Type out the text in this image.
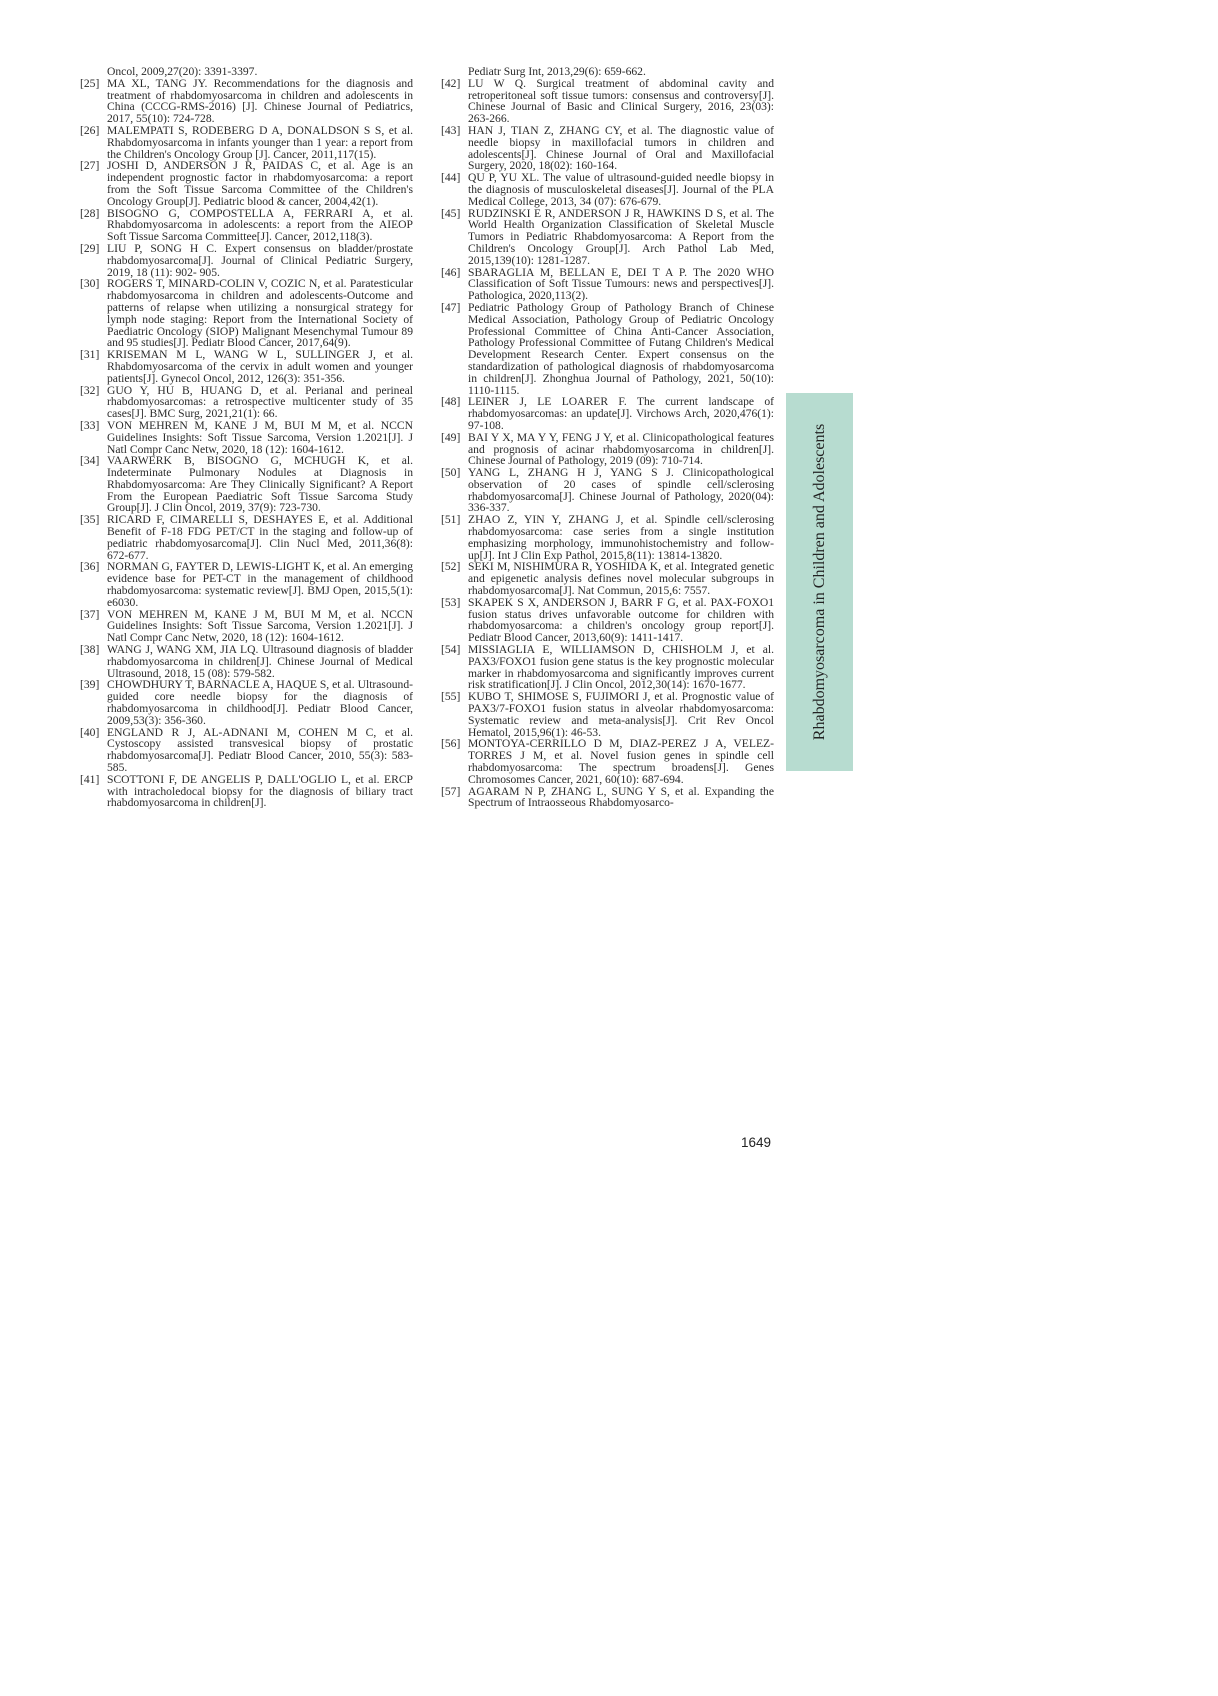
Oncol, 2009,27(20): 3391-3397.

[25] MA XL, TANG JY. Recommendations for the diagnosis and treatment of rhabdomyosarcoma in children and adolescents in China (CCCG-RMS-2016) [J]. Chinese Journal of Pediatrics, 2017, 55(10): 724-728.

[26] MALEMPATI S, RODEBERG D A, DONALDSON S S, et al. Rhabdomyosarcoma in infants younger than 1 year: a report from the Children's Oncology Group [J]. Cancer, 2011,117(15).

[27] JOSHI D, ANDERSON J R, PAIDAS C, et al. Age is an independent prognostic factor in rhabdomyosarcoma: a report from the Soft Tissue Sarcoma Committee of the Children's Oncology Group[J]. Pediatric blood & cancer, 2004,42(1).

[28] BISOGNO G, COMPOSTELLA A, FERRARI A, et al. Rhabdomyosarcoma in adolescents: a report from the AIEOP Soft Tissue Sarcoma Committee[J]. Cancer, 2012,118(3).

[29] LIU P, SONG H C. Expert consensus on bladder/prostate rhabdomyosarcoma[J]. Journal of Clinical Pediatric Surgery, 2019, 18 (11): 902- 905.

[30] ROGERS T, MINARD-COLIN V, COZIC N, et al. Paratesticular rhabdomyosarcoma in children and adolescents-Outcome and patterns of relapse when utilizing a nonsurgical strategy for lymph node staging: Report from the International Society of Paediatric Oncology (SIOP) Malignant Mesenchymal Tumour 89 and 95 studies[J]. Pediatr Blood Cancer, 2017,64(9).

[31] KRISEMAN M L, WANG W L, SULLINGER J, et al. Rhabdomyosarcoma of the cervix in adult women and younger patients[J]. Gynecol Oncol, 2012, 126(3): 351-356.

[32] GUO Y, HU B, HUANG D, et al. Perianal and perineal rhabdomyosarcomas: a retrospective multicenter study of 35 cases[J]. BMC Surg, 2021,21(1): 66.

[33] VON MEHREN M, KANE J M, BUI M M, et al. NCCN Guidelines Insights: Soft Tissue Sarcoma, Version 1.2021[J]. J Natl Compr Canc Netw, 2020, 18 (12): 1604-1612.

[34] VAARWERK B, BISOGNO G, MCHUGH K, et al. Indeterminate Pulmonary Nodules at Diagnosis in Rhabdomyosarcoma: Are They Clinically Significant? A Report From the European Paediatric Soft Tissue Sarcoma Study Group[J]. J Clin Oncol, 2019, 37(9): 723-730.

[35] RICARD F, CIMARELLI S, DESHAYES E, et al. Additional Benefit of F-18 FDG PET/CT in the staging and follow-up of pediatric rhabdomyosarcoma[J]. Clin Nucl Med, 2011,36(8): 672-677.

[36] NORMAN G, FAYTER D, LEWIS-LIGHT K, et al. An emerging evidence base for PET-CT in the management of childhood rhabdomyosarcoma: systematic review[J]. BMJ Open, 2015,5(1): e6030.

[37] VON MEHREN M, KANE J M, BUI M M, et al. NCCN Guidelines Insights: Soft Tissue Sarcoma, Version 1.2021[J]. J Natl Compr Canc Netw, 2020, 18 (12): 1604-1612.

[38] WANG J, WANG XM, JIA LQ. Ultrasound diagnosis of bladder rhabdomyosarcoma in children[J]. Chinese Journal of Medical Ultrasound, 2018, 15 (08): 579-582.

[39] CHOWDHURY T, BARNACLE A, HAQUE S, et al. Ultrasound-guided core needle biopsy for the diagnosis of rhabdomyosarcoma in childhood[J]. Pediatr Blood Cancer, 2009,53(3): 356-360.

[40] ENGLAND R J, AL-ADNANI M, COHEN M C, et al. Cystoscopy assisted transvesical biopsy of prostatic rhabdomyosarcoma[J]. Pediatr Blood Cancer, 2010, 55(3): 583-585.

[41] SCOTTONI F, DE ANGELIS P, DALL'OGLIO L, et al. ERCP with intracholedocal biopsy for the diagnosis of biliary tract rhabdomyosarcoma in children[J].

Pediatr Surg Int, 2013,29(6): 659-662.

[42] LU W Q. Surgical treatment of abdominal cavity and retroperitoneal soft tissue tumors: consensus and controversy[J]. Chinese Journal of Basic and Clinical Surgery, 2016, 23(03): 263-266.

[43] HAN J, TIAN Z, ZHANG CY, et al. The diagnostic value of needle biopsy in maxillofacial tumors in children and adolescents[J]. Chinese Journal of Oral and Maxillofacial Surgery, 2020, 18(02): 160-164.

[44] QU P, YU XL. The value of ultrasound-guided needle biopsy in the diagnosis of musculoskeletal diseases[J]. Journal of the PLA Medical College, 2013, 34 (07): 676-679.

[45] RUDZINSKI E R, ANDERSON J R, HAWKINS D S, et al. The World Health Organization Classification of Skeletal Muscle Tumors in Pediatric Rhabdomyosarcoma: A Report from the Children's Oncology Group[J]. Arch Pathol Lab Med, 2015,139(10): 1281-1287.

[46] SBARAGLIA M, BELLAN E, DEI T A P. The 2020 WHO Classification of Soft Tissue Tumours: news and perspectives[J]. Pathologica, 2020,113(2).

[47] Pediatric Pathology Group of Pathology Branch of Chinese Medical Association, Pathology Group of Pediatric Oncology Professional Committee of China Anti-Cancer Association, Pathology Professional Committee of Futang Children's Medical Development Research Center. Expert consensus on the standardization of pathological diagnosis of rhabdomyosarcoma in children[J]. Zhonghua Journal of Pathology, 2021, 50(10): 1110-1115.

[48] LEINER J, LE LOARER F. The current landscape of rhabdomyosarcomas: an update[J]. Virchows Arch, 2020,476(1): 97-108.

[49] BAI Y X, MA Y Y, FENG J Y, et al. Clinicopathological features and prognosis of acinar rhabdomyosarcoma in children[J]. Chinese Journal of Pathology, 2019 (09): 710-714.

[50] YANG L, ZHANG H J, YANG S J. Clinicopathological observation of 20 cases of spindle cell/sclerosing rhabdomyosarcoma[J]. Chinese Journal of Pathology, 2020(04): 336-337.

[51] ZHAO Z, YIN Y, ZHANG J, et al. Spindle cell/sclerosing rhabdomyosarcoma: case series from a single institution emphasizing morphology, immunohistochemistry and follow-up[J]. Int J Clin Exp Pathol, 2015,8(11): 13814-13820.

[52] SEKI M, NISHIMURA R, YOSHIDA K, et al. Integrated genetic and epigenetic analysis defines novel molecular subgroups in rhabdomyosarcoma[J]. Nat Commun, 2015,6: 7557.

[53] SKAPEK S X, ANDERSON J, BARR F G, et al. PAX-FOXO1 fusion status drives unfavorable outcome for children with rhabdomyosarcoma: a children's oncology group report[J]. Pediatr Blood Cancer, 2013,60(9): 1411-1417.

[54] MISSIAGLIA E, WILLIAMSON D, CHISHOLM J, et al. PAX3/FOXO1 fusion gene status is the key prognostic molecular marker in rhabdomyosarcoma and significantly improves current risk stratification[J]. J Clin Oncol, 2012,30(14): 1670-1677.

[55] KUBO T, SHIMOSE S, FUJIMORI J, et al. Prognostic value of PAX3/7-FOXO1 fusion status in alveolar rhabdomyosarcoma: Systematic review and meta-analysis[J]. Crit Rev Oncol Hematol, 2015,96(1): 46-53.

[56] MONTOYA-CERRILLO D M, DIAZ-PEREZ J A, VELEZ-TORRES J M, et al. Novel fusion genes in spindle cell rhabdomyosarcoma: The spectrum broadens[J]. Genes Chromosomes Cancer, 2021, 60(10): 687-694.

[57] AGARAM N P, ZHANG L, SUNG Y S, et al. Expanding the Spectrum of Intraosseous Rhabdomyosarco-

Rhabdomyosarcoma in Children and Adolescents
1649
